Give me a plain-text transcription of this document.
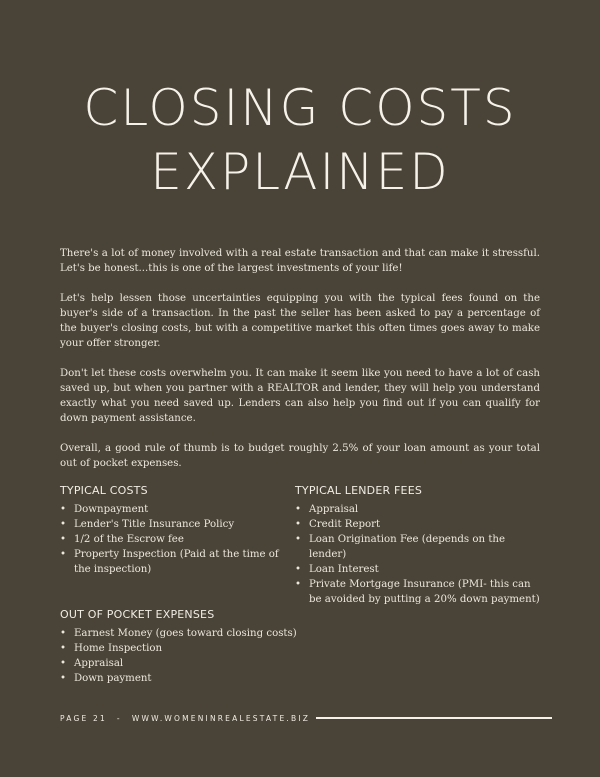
CLOSING COSTS
EXPLAINED

There's a lot of money involved with a real estate transaction and that can make it stressful. Let's be honest...this is one of the largest investments of your life!

Let's help lessen those uncertainties equipping you with the typical fees found on the buyer's side of a transaction. In the past the seller has been asked to pay a percentage of the buyer's closing costs, but with a competitive market this often times goes away to make your offer stronger.

Don't let these costs overwhelm you. It can make it seem like you need to have a lot of cash saved up, but when you partner with a REALTOR and lender, they will help you understand exactly what you need saved up. Lenders can also help you find out if you can qualify for down payment assistance.

Overall, a good rule of thumb is to budget roughly 2.5% of your loan amount as your total out of pocket expenses.

TYPICAL COSTS
• Downpayment
• Lender's Title Insurance Policy
• 1/2 of the Escrow fee
• Property Inspection (Paid at the time of the inspection)
TYPICAL LENDER FEES
• Appraisal
• Credit Report
• Loan Origination Fee (depends on the lender)
• Loan Interest
• Private Mortgage Insurance (PMI- this can be avoided by putting a 20% down payment)
OUT OF POCKET EXPENSES
• Earnest Money (goes toward closing costs)
• Home Inspection
• Appraisal
• Down payment
PAGE 21 - WWW.WOMENINREALESTATE.BIZ
